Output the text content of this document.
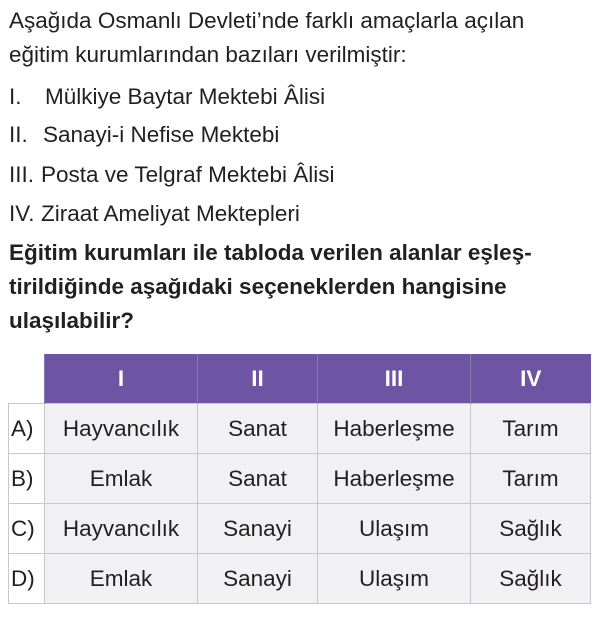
Aşağıda Osmanlı Devleti’nde farklı amaçlarla açılan
eğitim kurumlarından bazıları verilmiştir:
I. Mülkiye Baytar Mektebi Âlisi
II. Sanayi-i Nefise Mektebi
III. Posta ve Telgraf Mektebi Âlisi
IV. Ziraat Ameliyat Mektepleri
Eğitim kurumları ile tabloda verilen alanlar eşleş-
tirildiğinde aşağıdaki seçeneklerden hangisine
ulaşılabilir?
	I	II	III	IV
A)	Hayvancılık	Sanat	Haberleşme	Tarım
B)	Emlak	Sanat	Haberleşme	Tarım
C)	Hayvancılık	Sanayi	Ulaşım	Sağlık
D)	Emlak	Sanayi	Ulaşım	Sağlık
